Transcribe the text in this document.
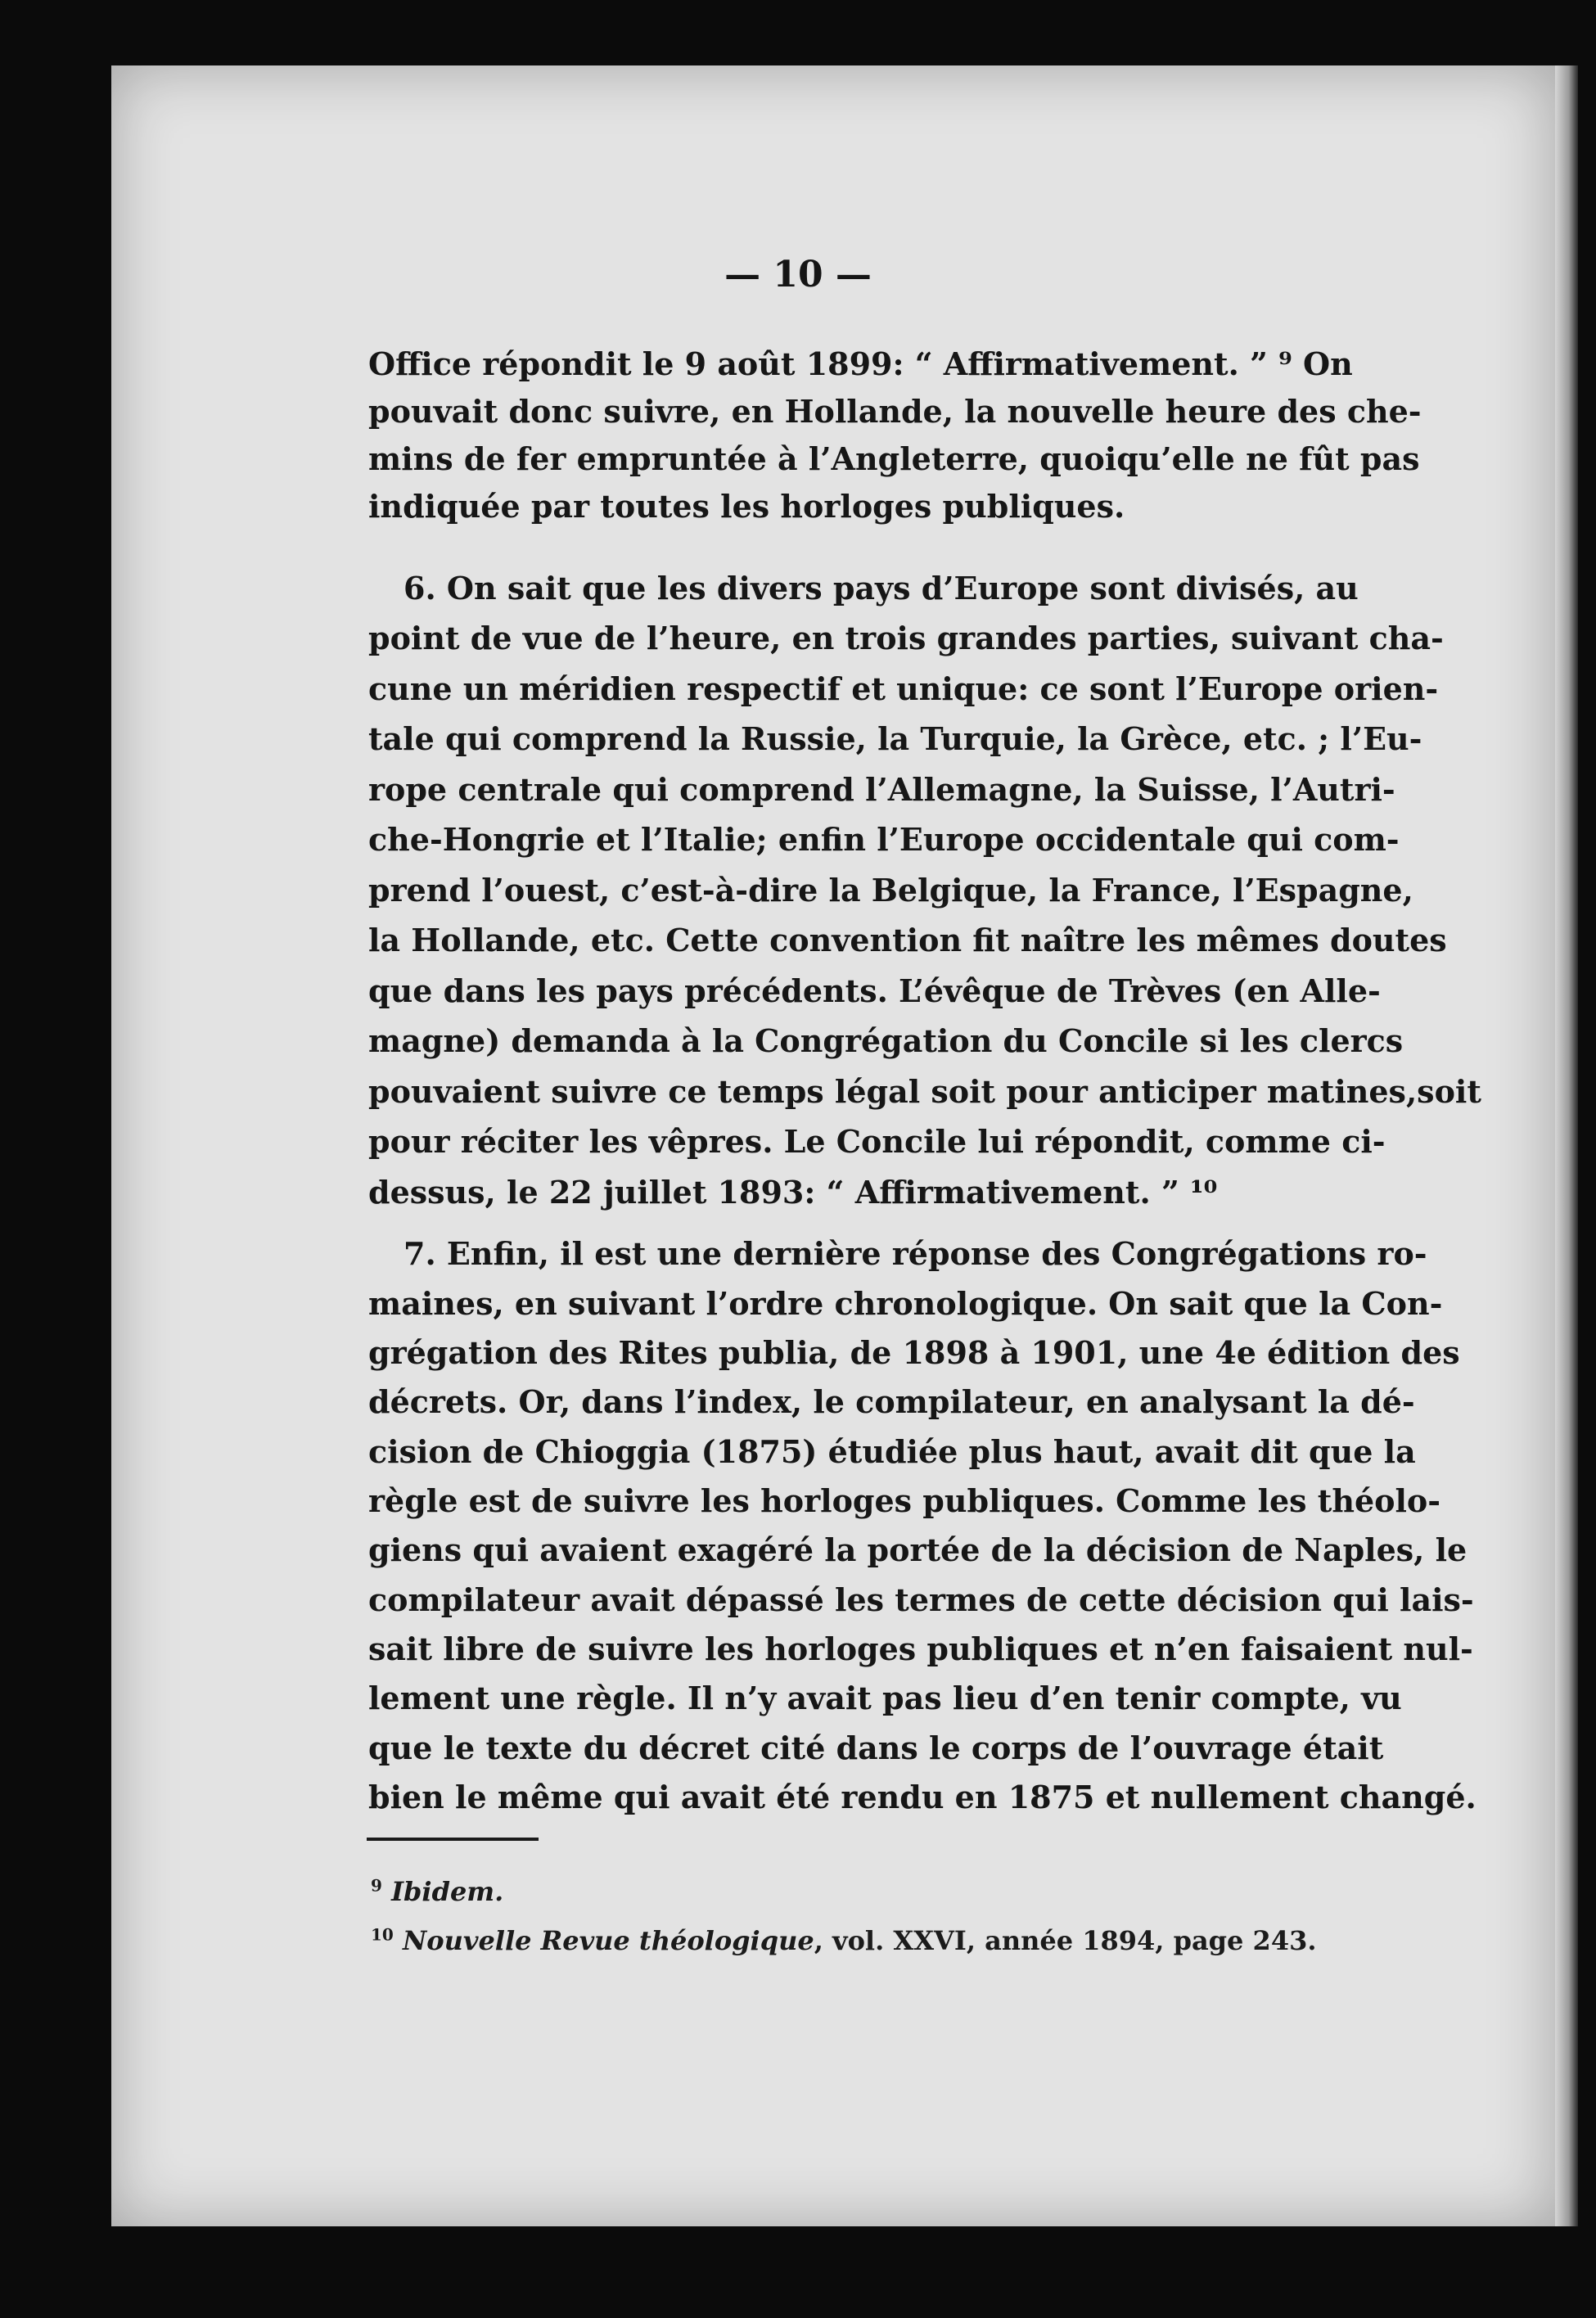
— 10 —

Office répondit le 9 août 1899: “ Affirmativement. ” ⁹ On

pouvait donc suivre, en Hollande, la nouvelle heure des che-

mins de fer empruntée à l’Angleterre, quoiqu’elle ne fût pas

indiquée par toutes les horloges publiques.

6. On sait que les divers pays d’Europe sont divisés, au

point de vue de l’heure, en trois grandes parties, suivant cha-

cune un méridien respectif et unique: ce sont l’Europe orien-

tale qui comprend la Russie, la Turquie, la Grèce, etc. ; l’Eu-

rope centrale qui comprend l’Allemagne, la Suisse, l’Autri-

che-Hongrie et l’Italie; enfin l’Europe occidentale qui com-

prend l’ouest, c’est-à-dire la Belgique, la France, l’Espagne,

la Hollande, etc. Cette convention fit naître les mêmes doutes

que dans les pays précédents. L’évêque de Trèves (en Alle-

magne) demanda à la Congrégation du Concile si les clercs

pouvaient suivre ce temps légal soit pour anticiper matines,soit

pour réciter les vêpres. Le Concile lui répondit, comme ci-

dessus, le 22 juillet 1893: “ Affirmativement. ” ¹⁰

7. Enfin, il est une dernière réponse des Congrégations ro-

maines, en suivant l’ordre chronologique. On sait que la Con-

grégation des Rites publia, de 1898 à 1901, une 4e édition des

décrets. Or, dans l’index, le compilateur, en analysant la dé-

cision de Chioggia (1875) étudiée plus haut, avait dit que la

règle est de suivre les horloges publiques. Comme les théolo-

giens qui avaient exagéré la portée de la décision de Naples, le

compilateur avait dépassé les termes de cette décision qui lais-

sait libre de suivre les horloges publiques et n’en faisaient nul-

lement une règle. Il n’y avait pas lieu d’en tenir compte, vu

que le texte du décret cité dans le corps de l’ouvrage était

bien le même qui avait été rendu en 1875 et nullement changé.

$^9$ Ibidem.
$^{10}$ Nouvelle Revue théologique, vol. XXVI, année 1894, page 243.
